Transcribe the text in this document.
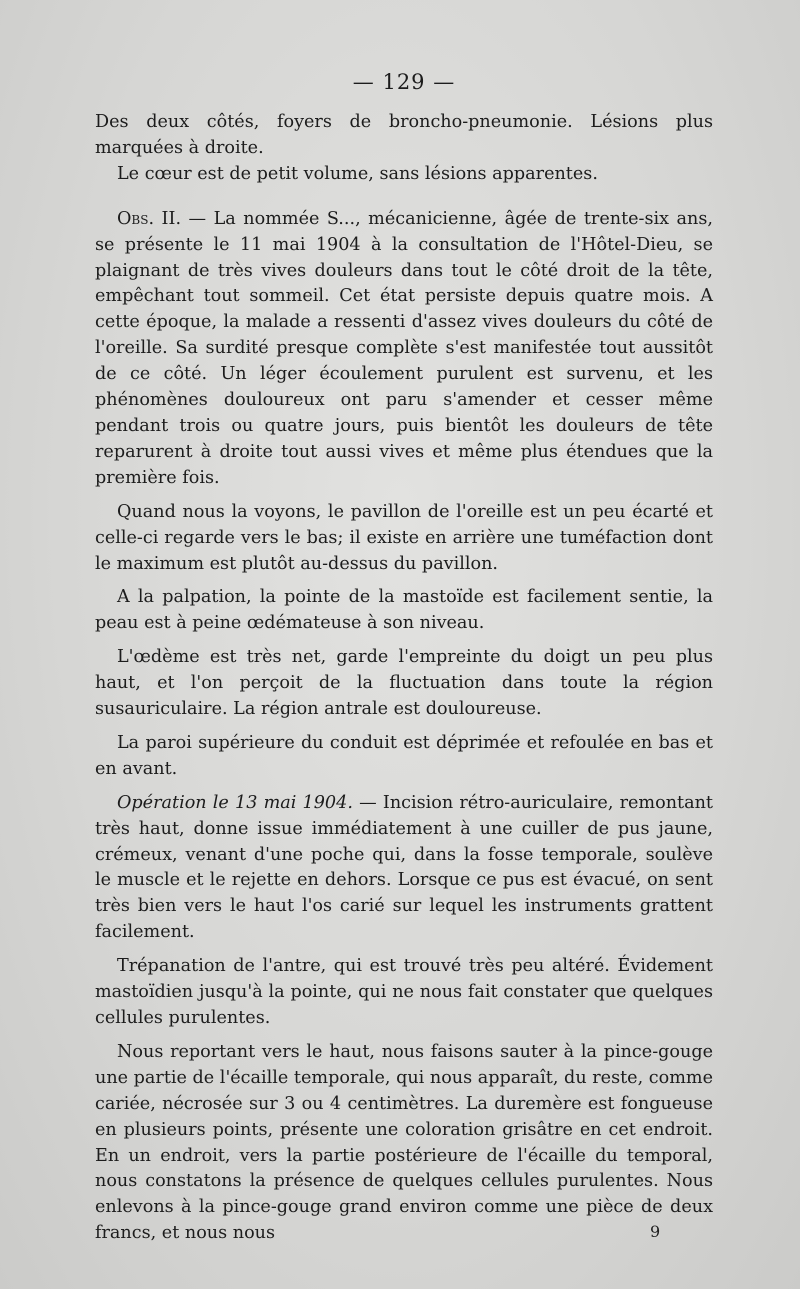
— 129 —

Des deux côtés, foyers de broncho-pneumonie. Lésions plus marquées à droite.

Le cœur est de petit volume, sans lésions apparentes.

Obs. II. — La nommée S..., mécanicienne, âgée de trente-six ans, se présente le 11 mai 1904 à la consultation de l'Hôtel-Dieu, se plaignant de très vives douleurs dans tout le côté droit de la tête, empêchant tout sommeil. Cet état persiste depuis quatre mois. A cette époque, la malade a ressenti d'assez vives douleurs du côté de l'oreille. Sa surdité presque complète s'est manifestée tout aussitôt de ce côté. Un léger écoulement purulent est survenu, et les phénomènes douloureux ont paru s'amender et cesser même pendant trois ou quatre jours, puis bientôt les douleurs de tête reparurent à droite tout aussi vives et même plus étendues que la première fois.

Quand nous la voyons, le pavillon de l'oreille est un peu écarté et celle-ci regarde vers le bas; il existe en arrière une tuméfaction dont le maximum est plutôt au-dessus du pavillon.

A la palpation, la pointe de la mastoïde est facilement sentie, la peau est à peine œdémateuse à son niveau.

L'œdème est très net, garde l'empreinte du doigt un peu plus haut, et l'on perçoit de la fluctuation dans toute la région susauriculaire. La région antrale est douloureuse.

La paroi supérieure du conduit est déprimée et refoulée en bas et en avant.

Opération le 13 mai 1904. — Incision rétro-auriculaire, remontant très haut, donne issue immédiatement à une cuiller de pus jaune, crémeux, venant d'une poche qui, dans la fosse temporale, soulève le muscle et le rejette en dehors. Lorsque ce pus est évacué, on sent très bien vers le haut l'os carié sur lequel les instruments grattent facilement.

Trépanation de l'antre, qui est trouvé très peu altéré. Évidement mastoïdien jusqu'à la pointe, qui ne nous fait constater que quelques cellules purulentes.

Nous reportant vers le haut, nous faisons sauter à la pince-gouge une partie de l'écaille temporale, qui nous apparaît, du reste, comme cariée, nécrosée sur 3 ou 4 centimètres. La duremère est fongueuse en plusieurs points, présente une coloration grisâtre en cet endroit. En un endroit, vers la partie postérieure de l'écaille du temporal, nous constatons la présence de quelques cellules purulentes. Nous enlevons à la pince-gouge grand environ comme une pièce de deux francs, et nous nous	9
